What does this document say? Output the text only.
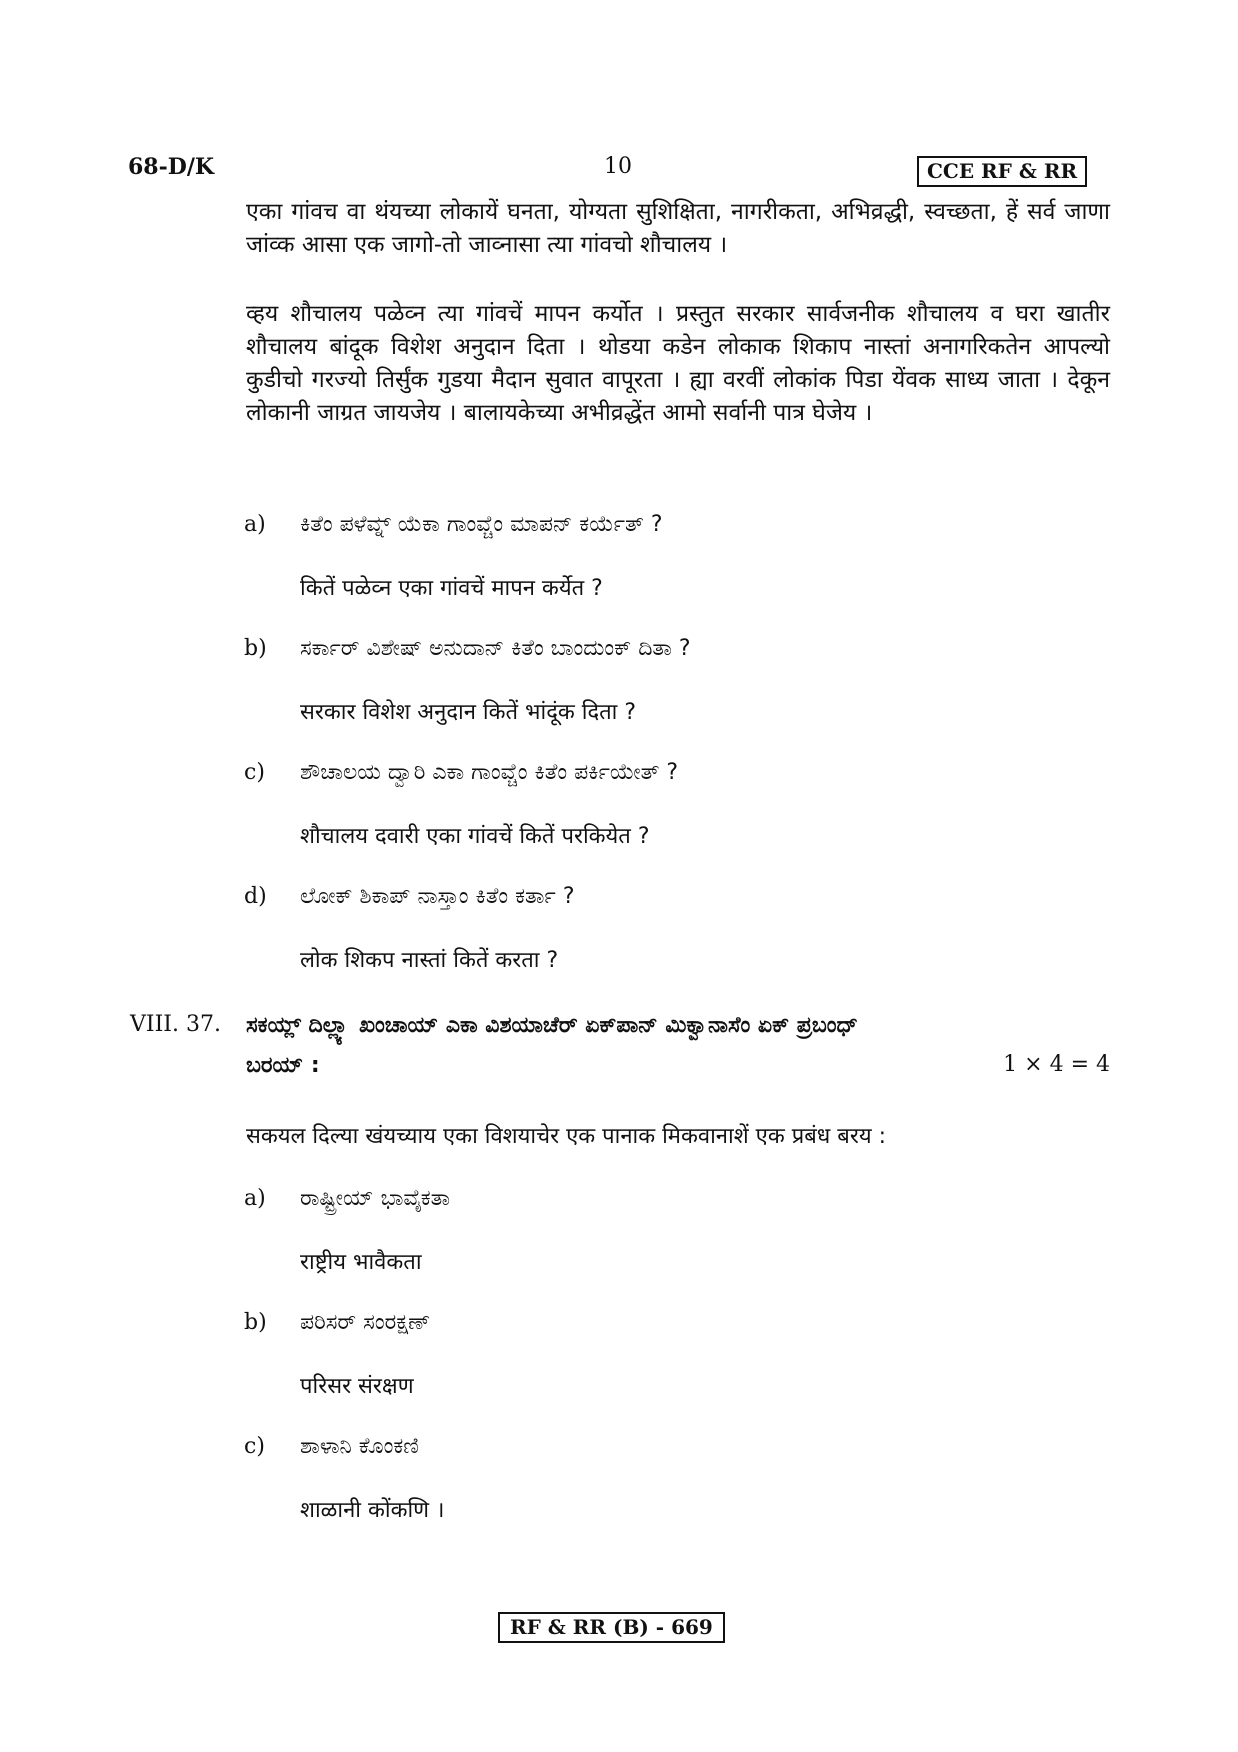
68-D/K	10	CCE RF & RR

एका गांवच वा थंयच्या लोकायें घनता, योग्यता सुशिक्षिता, नागरीकता, अभिव्रद्धी, स्वच्छता, हें सर्व जाणा जांव्क आसा एक जागो-तो जाव्नासा त्या गांवचो शौचालय ।

व्हय शौचालय पळेव्न त्या गांवचें मापन कर्योत । प्रस्तुत सरकार सार्वजनीक शौचालय व घरा खातीर शौचालय बांदूक विशेश अनुदान दिता । थोडया कडेन लोकाक शिकाप नास्तां अनागरिकतेन आपल्यो कुडीचो गरज्यो तिर्सुंक गुडया मैदान सुवात वापूरता । ह्या वरवीं लोकांक पिडा येंवक साध्य जाता । देकून लोकानी जाग्रत जायजेय । बालायकेच्या अभीव्रद्धेंत आमो सर्वानी पात्र घेजेय ।

a) ಕಿತೆಂ ಪಳೆವ್ನ್ ಯೆಕಾ ಗಾಂವ್ಚೆಂ ಮಾಪನ್ ಕರ್ಯೆತ್ ?
कितें पळेव्न एका गांवचें मापन कर्येत ?
b) ಸರ್ಕಾರ್ ವಿಶೇಷ್ ಅನುದಾನ್ ಕಿತೆಂ ಬಾಂದುಂಕ್ ದಿತಾ ?
सरकार विशेश अनुदान कितें भांदूंक दिता ?
c) ಶೌಚಾಲಯ ದ್ವಾರಿ ಎಕಾ ಗಾಂವ್ಚೆಂ ಕಿತೆಂ ಪರ್ಕಿಯೇತ್ ?
शौचालय दवारी एका गांवचें कितें परकियेत ?
d) ಲೋಕ್ ಶಿಕಾಪ್ ನಾಸ್ತಾಂ ಕಿತೆಂ ಕರ್ತಾ ?
लोक शिकप नास्तां कितें करता ?
VIII. 37. ಸಕಯ್ಲ್ ದಿಲ್ಲ್ಯಾ ಖಂಚಾಯ್ ಎಕಾ ವಿಶಯಾಚೆರ್ ಏಕ್‌ಪಾನ್ ಮಿಕ್ವಾನಾಸೆಂ ಏಕ್ ಪ್ರಬಂಧ್
ಬರಯ್ :	1 × 4 = 4
सकयल दिल्या खंयच्याय एका विशयाचेर एक पानाक मिकवानाशें एक प्रबंध बरय :
a) ರಾಷ್ಟ್ರೀಯ್ ಭಾವೈಕತಾ
राष्ट्रीय भावैकता
b) ಪರಿಸರ್ ಸಂರಕ್ಷಣ್
परिसर संरक्षण
c) ಶಾಳಾನಿ ಕೊಂಕಣಿ
शाळानी कोंकणि ।
RF & RR (B) - 669
